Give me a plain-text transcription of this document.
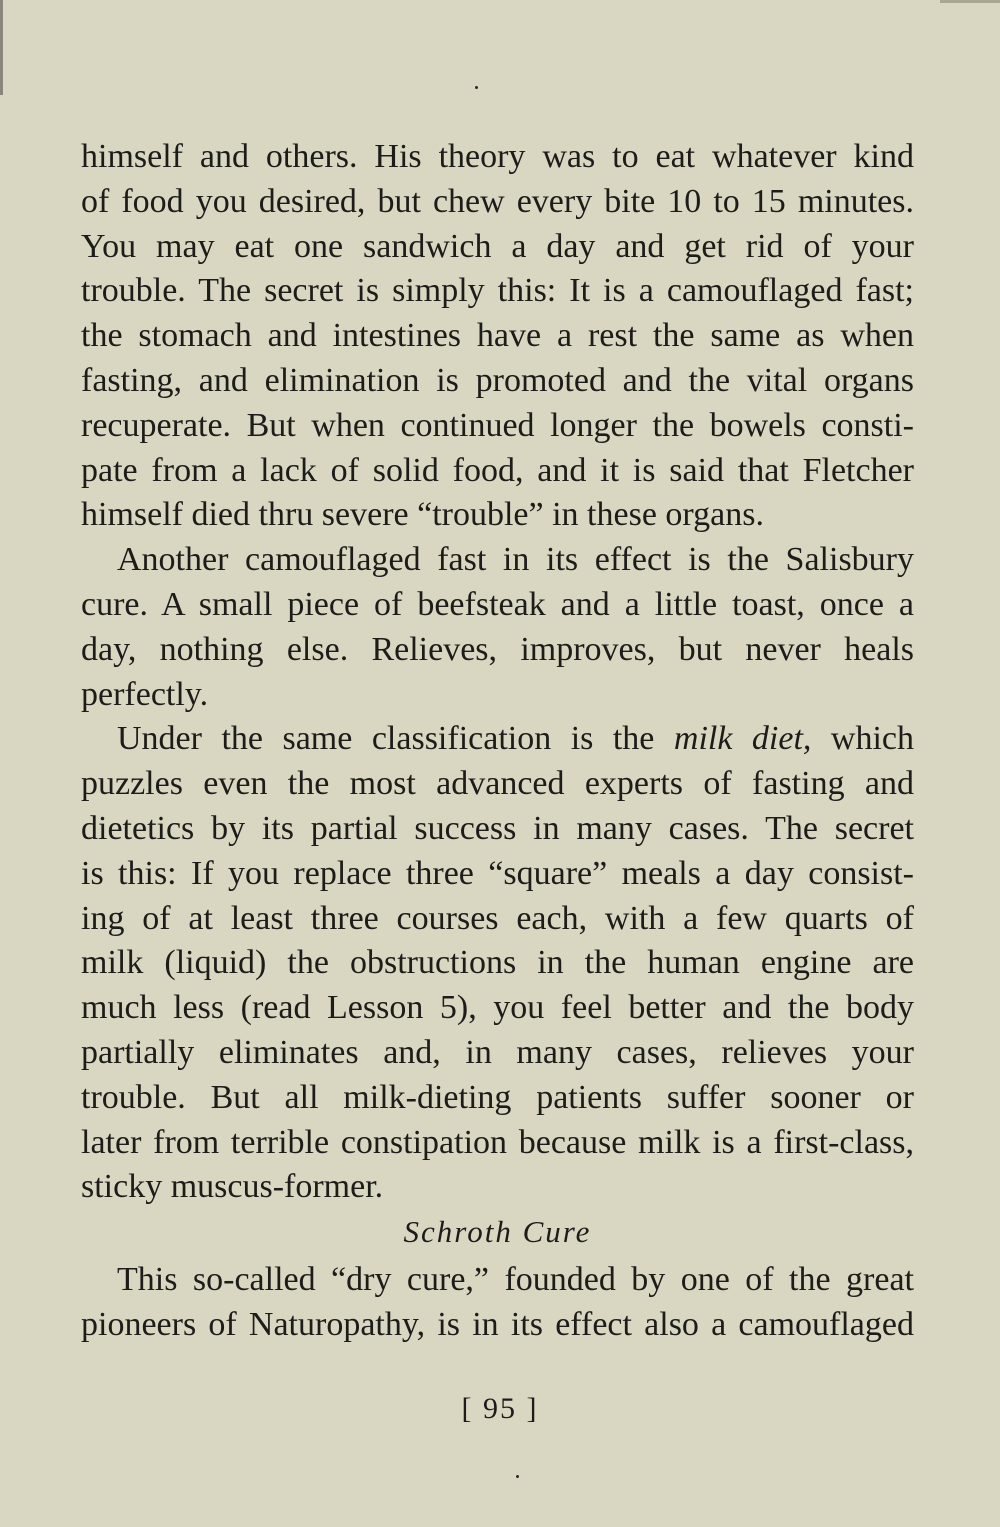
himself and others. His theory was to eat whatever kind
of food you desired, but chew every bite 10 to 15 minutes.
You may eat one sandwich a day and get rid of your
trouble. The secret is simply this: It is a camouflaged fast;
the stomach and intestines have a rest the same as when
fasting, and elimination is promoted and the vital organs
recuperate. But when continued longer the bowels consti-
pate from a lack of solid food, and it is said that Fletcher
himself died thru severe “trouble” in these organs.
Another camouflaged fast in its effect is the Salisbury
cure. A small piece of beefsteak and a little toast, once a
day, nothing else. Relieves, improves, but never heals
perfectly.
Under the same classification is the milk diet, which
puzzles even the most advanced experts of fasting and
dietetics by its partial success in many cases. The secret
is this: If you replace three “square” meals a day consist-
ing of at least three courses each, with a few quarts of
milk (liquid) the obstructions in the human engine are
much less (read Lesson 5), you feel better and the body
partially eliminates and, in many cases, relieves your
trouble. But all milk-dieting patients suffer sooner or
later from terrible constipation because milk is a first-class,
sticky muscus-former.
Schroth Cure
This so-called “dry cure,” founded by one of the great
pioneers of Naturopathy, is in its effect also a camouflaged
[ 95 ]
